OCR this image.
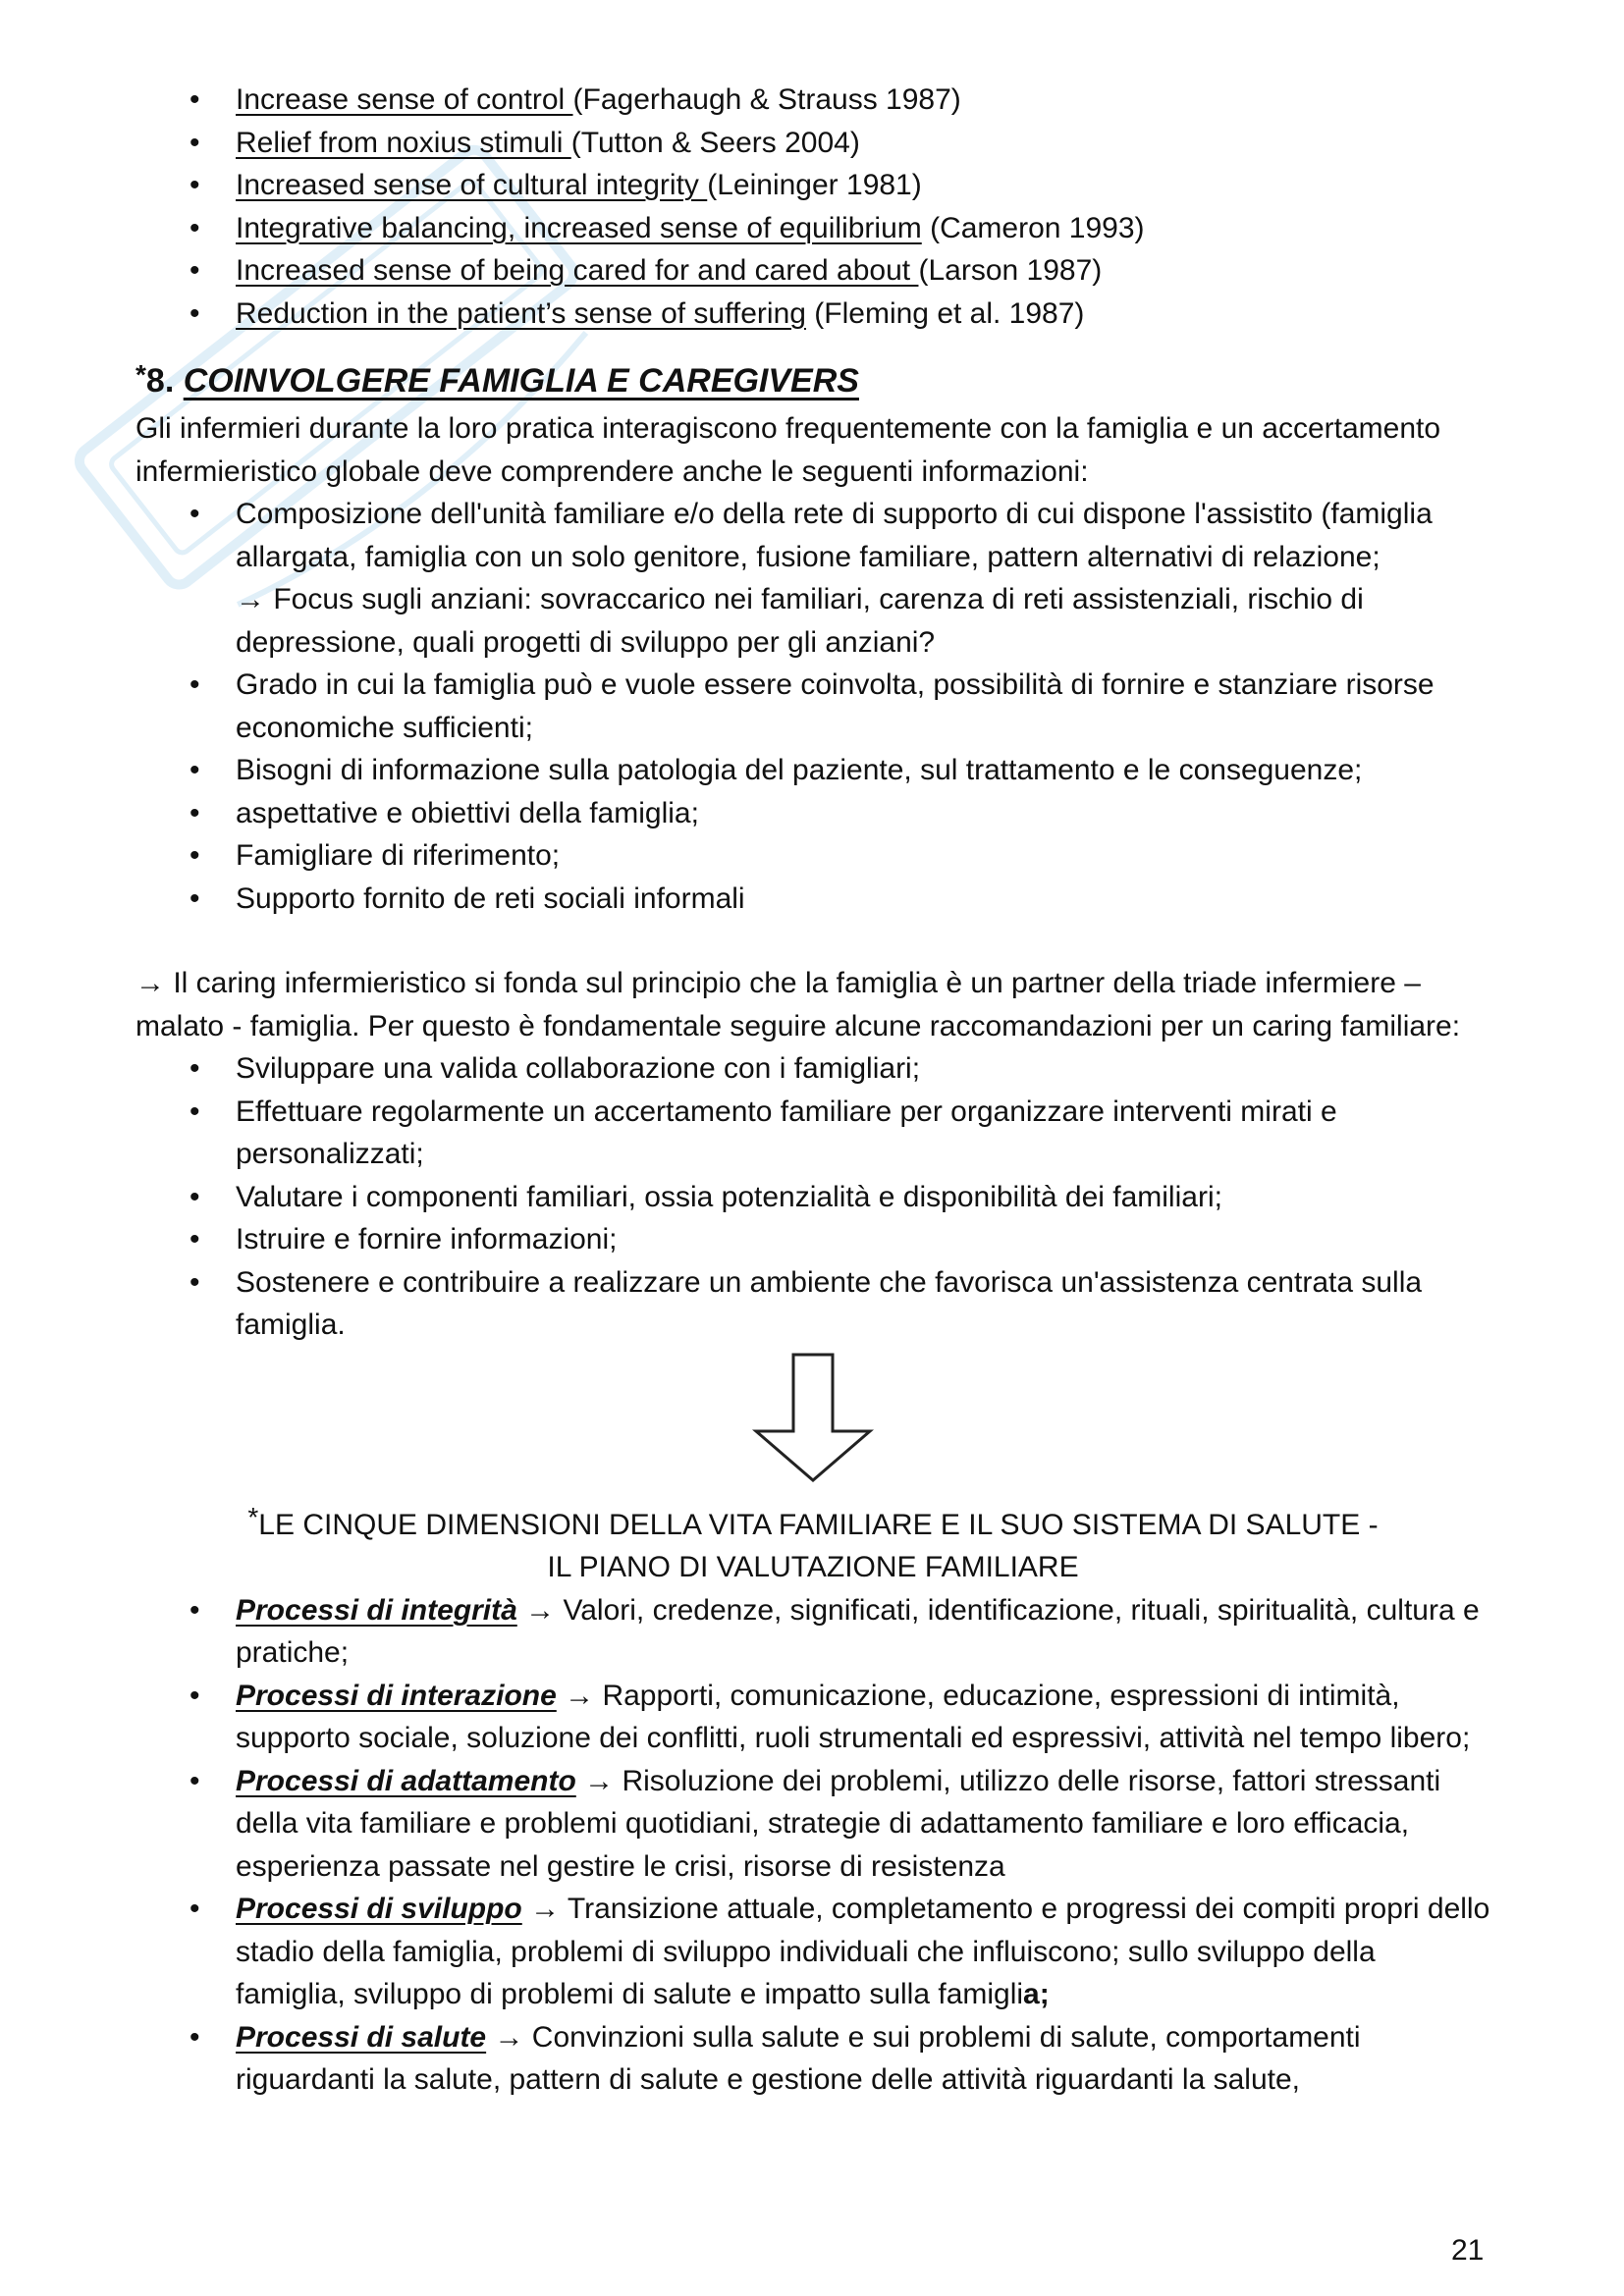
• Increase sense of control (Fagerhaugh & Strauss 1987)
• Relief from noxius stimuli (Tutton & Seers 2004)
• Increased sense of cultural integrity (Leininger 1981)
• Integrative balancing, increased sense of equilibrium (Cameron 1993)
• Increased sense of being cared for and cared about (Larson 1987)
• Reduction in the patient’s sense of suffering (Fleming et al. 1987)
*8. COINVOLGERE FAMIGLIA E CAREGIVERS

Gli infermieri durante la loro pratica interagiscono frequentemente con la famiglia e un accertamento infermieristico globale deve comprendere anche le seguenti informazioni:

• Composizione dell'unità familiare e/o della rete di supporto di cui dispone l'assistito (famiglia allargata, famiglia con un solo genitore, fusione familiare, pattern alternativi di relazione;
→ Focus sugli anziani: sovraccarico nei familiari, carenza di reti assistenziali, rischio di depressione, quali progetti di sviluppo per gli anziani?
• Grado in cui la famiglia può e vuole essere coinvolta, possibilità di fornire e stanziare risorse economiche sufficienti;
• Bisogni di informazione sulla patologia del paziente, sul trattamento e le conseguenze;
• aspettative e obiettivi della famiglia;
• Famigliare di riferimento;
• Supporto fornito de reti sociali informali

→ Il caring infermieristico si fonda sul principio che la famiglia è un partner della triade infermiere – malato - famiglia. Per questo è fondamentale seguire alcune raccomandazioni per un caring familiare:

• Sviluppare una valida collaborazione con i famigliari;
• Effettuare regolarmente un accertamento familiare per organizzare interventi mirati e personalizzati;
• Valutare i componenti familiari, ossia potenzialità e disponibilità dei familiari;
• Istruire e fornire informazioni;
• Sostenere e contribuire a realizzare un ambiente che favorisca un'assistenza centrata sulla famiglia.
*LE CINQUE DIMENSIONI DELLA VITA FAMILIARE E IL SUO SISTEMA DI SALUTE -
IL PIANO DI VALUTAZIONE FAMILIARE
• Processi di integrità → Valori, credenze, significati, identificazione, rituali, spiritualità, cultura e pratiche;
• Processi di interazione → Rapporti, comunicazione, educazione, espressioni di intimità, supporto sociale, soluzione dei conflitti, ruoli strumentali ed espressivi, attività nel tempo libero;
• Processi di adattamento → Risoluzione dei problemi, utilizzo delle risorse, fattori stressanti della vita familiare e problemi quotidiani, strategie di adattamento familiare e loro efficacia, esperienza passate nel gestire le crisi, risorse di resistenza
• Processi di sviluppo → Transizione attuale, completamento e progressi dei compiti propri dello stadio della famiglia, problemi di sviluppo individuali che influiscono; sullo sviluppo della famiglia, sviluppo di problemi di salute e impatto sulla famiglia;
• Processi di salute → Convinzioni sulla salute e sui problemi di salute, comportamenti riguardanti la salute, pattern di salute e gestione delle attività riguardanti la salute,
21
